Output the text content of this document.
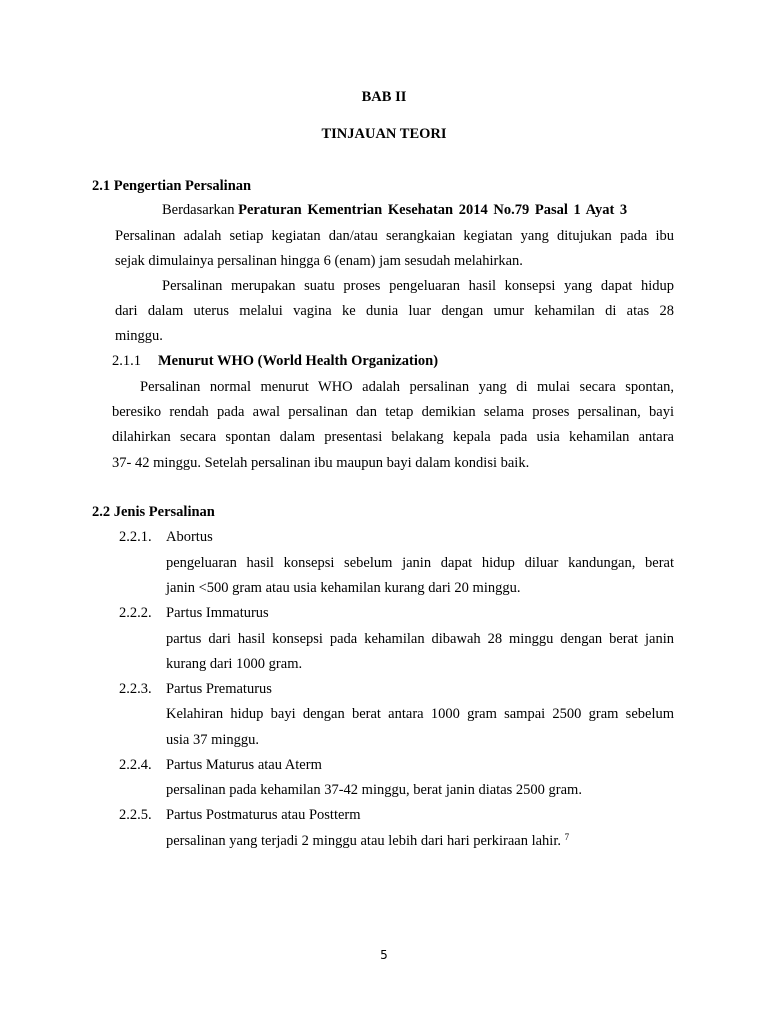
BAB II
TINJAUAN TEORI
2.1 Pengertian Persalinan
Berdasarkan Peraturan Kementrian Kesehatan 2014 No.79 Pasal 1 Ayat 3
Persalinan adalah setiap kegiatan dan/atau serangkaian kegiatan yang ditujukan pada ibu
sejak dimulainya persalinan hingga 6 (enam) jam sesudah melahirkan.
Persalinan merupakan suatu proses pengeluaran hasil konsepsi yang dapat hidup
dari dalam uterus melalui vagina ke dunia luar dengan umur kehamilan di atas 28
minggu.
2.1.1 Menurut WHO (World Health Organization)
Persalinan normal menurut WHO adalah persalinan yang di mulai secara spontan,
beresiko rendah pada awal persalinan dan tetap demikian selama proses persalinan, bayi
dilahirkan secara spontan dalam presentasi belakang kepala pada usia kehamilan antara
37- 42 minggu. Setelah persalinan ibu maupun bayi dalam kondisi baik.
2.2 Jenis Persalinan
2.2.1. Abortus
pengeluaran hasil konsepsi sebelum janin dapat hidup diluar kandungan, berat
janin <500 gram atau usia kehamilan kurang dari 20 minggu.
2.2.2. Partus Immaturus
partus dari hasil konsepsi pada kehamilan dibawah 28 minggu dengan berat janin
kurang dari 1000 gram.
2.2.3. Partus Prematurus
Kelahiran hidup bayi dengan berat antara 1000 gram sampai 2500 gram sebelum
usia 37 minggu.
2.2.4. Partus Maturus atau Aterm
persalinan pada kehamilan 37-42 minggu, berat janin diatas 2500 gram.
2.2.5. Partus Postmaturus atau Postterm
persalinan yang terjadi 2 minggu atau lebih dari hari perkiraan lahir. $^7$
5
